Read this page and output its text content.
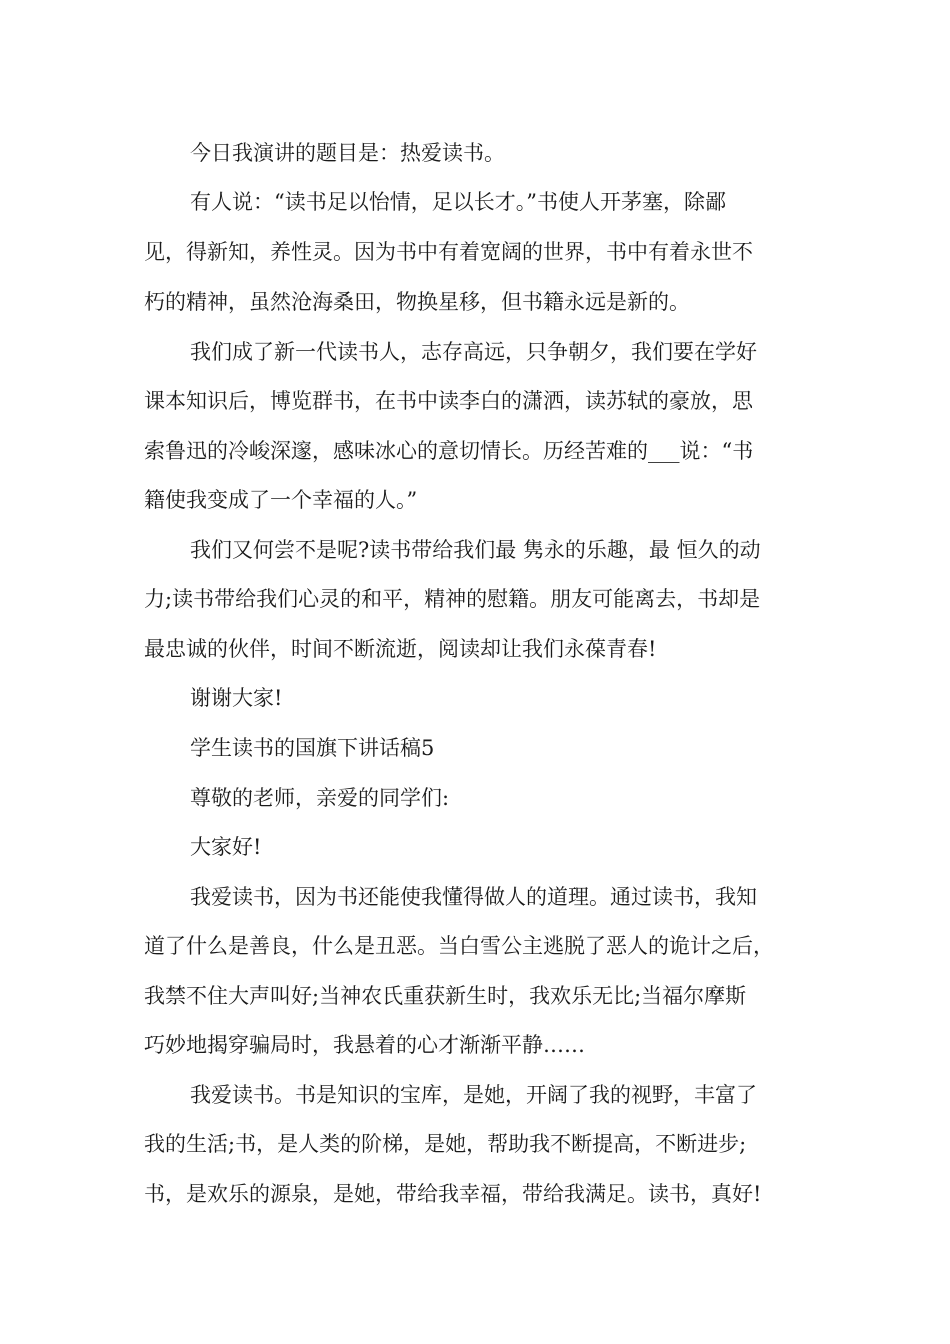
今日我演讲的题目是：热爱读书。
有人说：“读书足以怡情，足以长才。”书使人开茅塞，除鄙
见，得新知，养性灵。因为书中有着宽阔的世界，书中有着永世不
朽的精神，虽然沧海桑田，物换星移，但书籍永远是新的。
我们成了新一代读书人，志存高远，只争朝夕，我们要在学好
课本知识后，博览群书，在书中读李白的潇洒，读苏轼的豪放，思
索鲁迅的冷峻深邃，感味冰心的意切情长。历经苦难的___说：“书
籍使我变成了一个幸福的人。”
我们又何尝不是呢?读书带给我们最 隽永的乐趣，最 恒久的动
力;读书带给我们心灵的和平，精神的慰籍。朋友可能离去，书却是
最忠诚的伙伴，时间不断流逝，阅读却让我们永葆青春!
谢谢大家!
学生读书的国旗下讲话稿5
尊敬的老师，亲爱的同学们:
大家好!
我爱读书，因为书还能使我懂得做人的道理。通过读书，我知
道了什么是善良，什么是丑恶。当白雪公主逃脱了恶人的诡计之后，
我禁不住大声叫好;当神农氏重获新生时，我欢乐无比;当福尔摩斯
巧妙地揭穿骗局时，我悬着的心才渐渐平静……
我爱读书。书是知识的宝库，是她，开阔了我的视野，丰富了
我的生活;书，是人类的阶梯，是她，帮助我不断提高，不断进步;
书，是欢乐的源泉，是她，带给我幸福，带给我满足。读书，真好!
